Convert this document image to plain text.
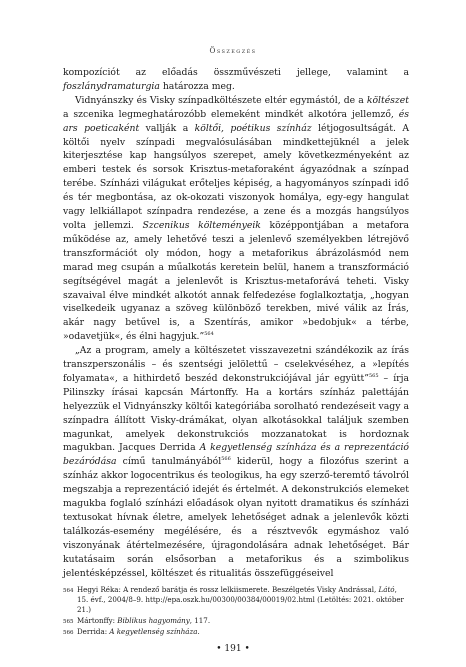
Összegzés

kompozíciót az előadás összművészeti jellege, valamint a foszlánydramaturgia határozza meg.

Vidnyánszky és Visky színpadköltészete eltér egymástól, de a költészet a szcenika legmeghatározóbb elemeként mindkét alkotóra jellemző, és ars poeticaként vallják a költői, poétikus színház létjogosultságát. A költői nyelv színpadi megvalósulásában mindkettejüknél a jelek kiterjesztése kap hangsúlyos szerepet, amely következményeként az emberi testek és sorsok Krisztus-metaforaként ágyazódnak a színpad terébe. Színházi világukat erőteljes képiség, a hagyományos színpadi idő és tér megbontása, az ok-okozati viszonyok homálya, egy-egy hangulat vagy lelkiállapot színpadra rendezése, a zene és a mozgás hangsúlyos volta jellemzi. Szcenikus költeményeik középpontjában a metafora működése az, amely lehetővé teszi a jelenlevő személyekben létrejövő transzformációt oly módon, hogy a metaforikus ábrázolásmód nem marad meg csupán a műalkotás keretein belül, hanem a transzformáció segítségével magát a jelenlevőt is Krisztus-metaforává teheti. Visky szavaival élve mindkét alkotót annak felfedezése foglalkoztatja, „hogyan viselkedeik ugyanaz a szöveg különböző terekben, mivé válik az Írás, akár nagy betűvel is, a Szentírás, amikor »bedobjuk« a térbe, »odavetjük«, és élni hagyjuk.”$^{564}$

„Az a program, amely a költészetet visszavezetni szándékozik az írás transzperszonális – és szentségi jelölettű – cselekvéséhez, a »lepítés folyamata«, a hithirdető beszéd dekonstrukciójával jár együtt”$^{565}$ – írja Pilinszky írásai kapcsán Mártonffy. Ha a kortárs színház palettáján helyezzük el Vidnyánszky költői kategóriába sorolható rendezéseit vagy a színpadra állított Visky-drámákat, olyan alkotásokkal találjuk szemben magunkat, amelyek dekonstrukciós mozzanatokat is hordoznak magukban. Jacques Derrida A kegyetlenség színháza és a reprezentáció bezáródása című tanulmányából$^{566}$ kiderül, hogy a filozófus szerint a színház akkor logocentrikus és teologikus, ha egy szerző-teremtő távolról megszabja a reprezentáció idejét és értelmét. A dekonstrukciós elemeket magukba foglaló színházi előadások olyan nyitott dramatikus és színházi textusokat hívnak életre, amelyek lehetőséget adnak a jelenlevők közti találkozás-esemény megélésére, és a résztvevők egymáshoz való viszonyának átértelmezésére, újragondolására adnak lehetőséget. Bár kutatásaim során elsősorban a metaforikus és a szimbolikus jelentésképzéssel, költészet és ritualitás összefüggéseivel

564 Hegyi Réka: A rendező barátja és rossz lelkiismerete. Beszélgetés Visky Andrással, Látó, 15. évf., 2004/8–9. http://epa.oszk.hu/00300/00384/00019/02.html (Letöltés: 2021. október 21.)
565 Mártonffy: Biblikus hagyomány, 117.
566 Derrida: A kegyetlenség színháza.
• 191 •
